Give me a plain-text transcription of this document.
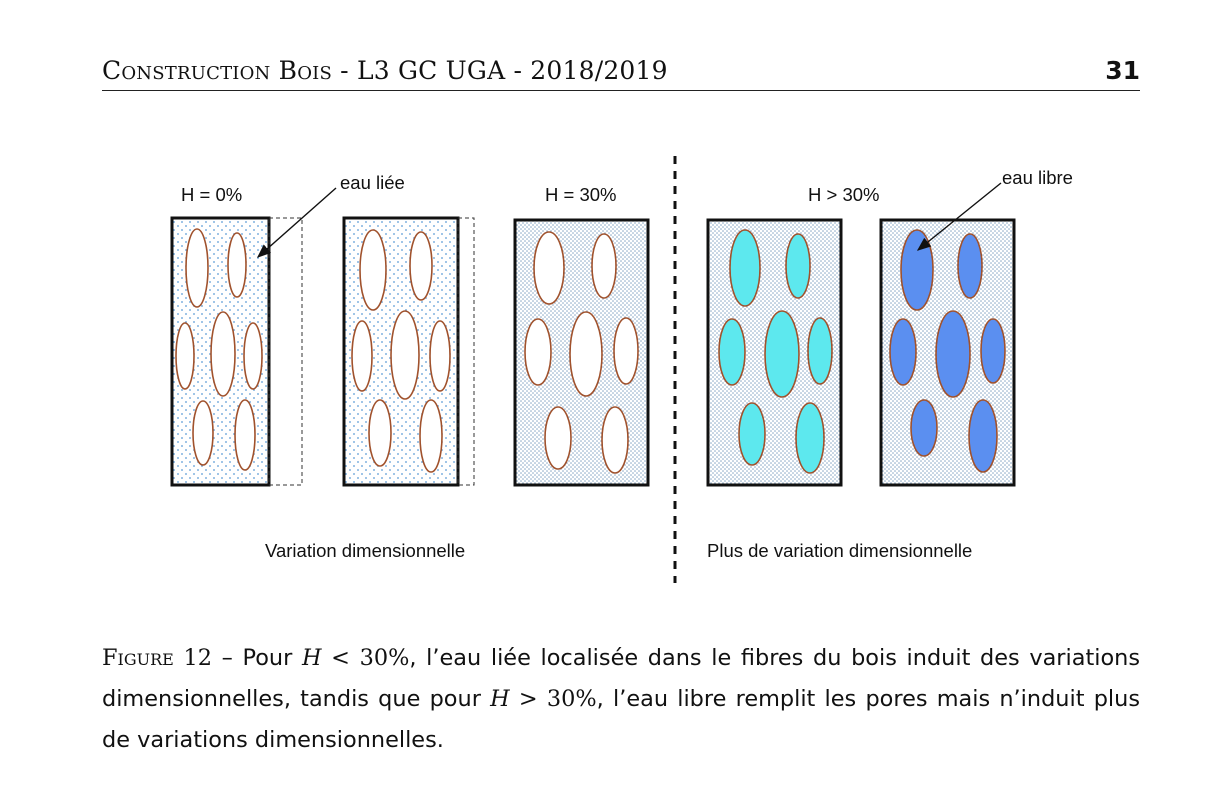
Construction Bois - L3 GC UGA - 2018/2019	31
H = 0%
eau liée
H = 30%	H > 30%
eau libre
Variation dimensionnelle	Plus de variation dimensionnelle
Figure 12 – Pour H < 30%, l’eau liée localisée dans le fibres du bois induit des variations dimensionnelles, tandis que pour H > 30%, l’eau libre remplit les pores mais n’induit plus de variations dimensionnelles.
